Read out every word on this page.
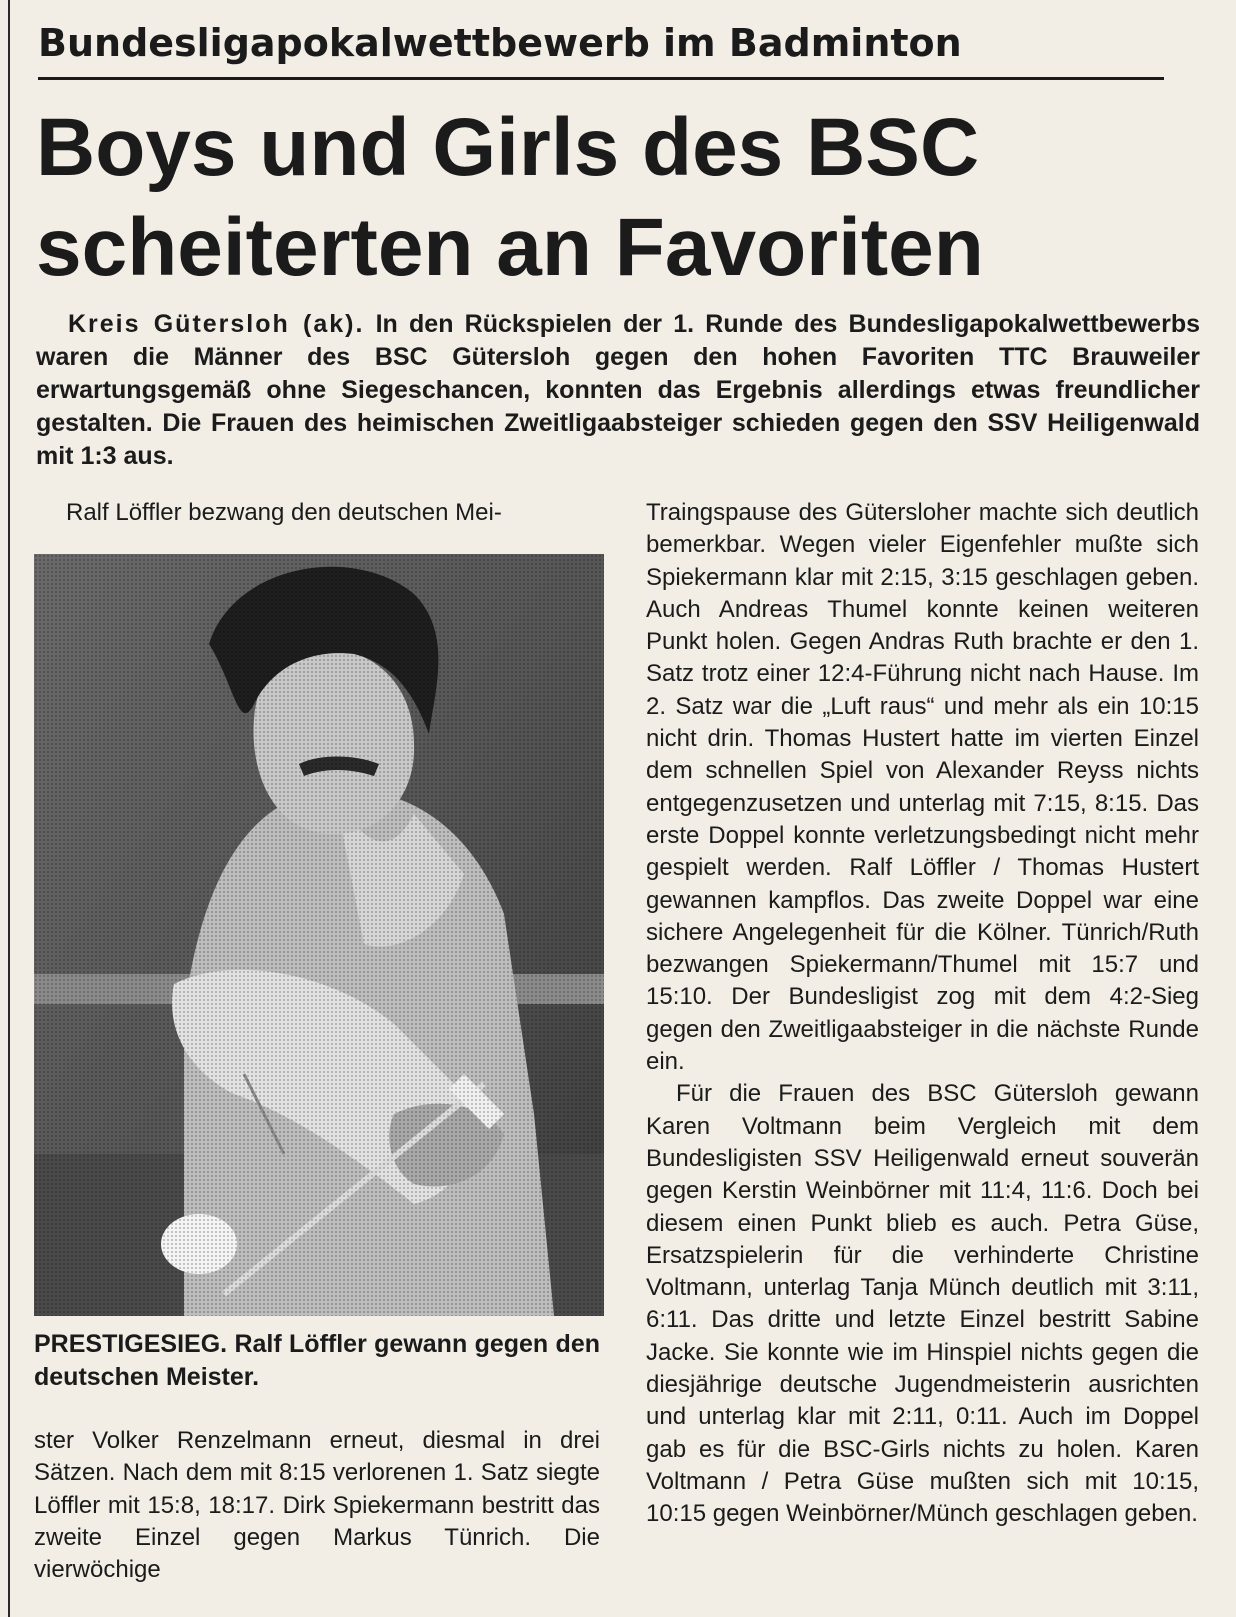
Bundesligapokalwettbewerb im Badminton
Boys und Girls des BSC
scheiterten an Favoriten

Kreis Gütersloh (ak). In den Rückspielen der 1. Runde des Bundesligapokalwettbewerbs waren die Männer des BSC Gütersloh gegen den hohen Favoriten TTC Brauweiler erwartungsgemäß ohne Siegeschancen, konnten das Ergebnis allerdings etwas freundlicher gestalten. Die Frauen des heimischen Zweitligaabsteiger schieden gegen den SSV Heiligenwald mit 1:3 aus.

Ralf Löffler bezwang den deutschen Mei-

PRESTIGESIEG. Ralf Löffler gewann gegen den deutschen Meister.

ster Volker Renzelmann erneut, diesmal in drei Sätzen. Nach dem mit 8:15 verlorenen 1. Satz siegte Löffler mit 15:8, 18:17. Dirk Spiekermann bestritt das zweite Einzel gegen Markus Tünrich. Die vierwöchige

Traingspause des Gütersloher machte sich deutlich bemerkbar. Wegen vieler Eigenfehler mußte sich Spiekermann klar mit 2:15, 3:15 geschlagen geben. Auch Andreas Thumel konnte keinen weiteren Punkt holen. Gegen Andras Ruth brachte er den 1. Satz trotz einer 12:4-Führung nicht nach Hause. Im 2. Satz war die „Luft raus“ und mehr als ein 10:15 nicht drin. Thomas Hustert hatte im vierten Einzel dem schnellen Spiel von Alexander Reyss nichts entgegenzusetzen und unterlag mit 7:15, 8:15. Das erste Doppel konnte verletzungsbedingt nicht mehr gespielt werden. Ralf Löffler / Thomas Hustert gewannen kampflos. Das zweite Doppel war eine sichere Angelegenheit für die Kölner. Tünrich/Ruth bezwangen Spiekermann/Thumel mit 15:7 und 15:10. Der Bundesligist zog mit dem 4:2-Sieg gegen den Zweitligaabsteiger in die nächste Runde ein.

Für die Frauen des BSC Gütersloh gewann Karen Voltmann beim Vergleich mit dem Bundesligisten SSV Heiligenwald erneut souverän gegen Kerstin Weinbörner mit 11:4, 11:6. Doch bei diesem einen Punkt blieb es auch. Petra Güse, Ersatzspielerin für die verhinderte Christine Voltmann, unterlag Tanja Münch deutlich mit 3:11, 6:11. Das dritte und letzte Einzel bestritt Sabine Jacke. Sie konnte wie im Hinspiel nichts gegen die diesjährige deutsche Jugendmeisterin ausrichten und unterlag klar mit 2:11, 0:11. Auch im Doppel gab es für die BSC-Girls nichts zu holen. Karen Voltmann / Petra Güse mußten sich mit 10:15, 10:15 gegen Weinbörner/Münch geschlagen geben.
